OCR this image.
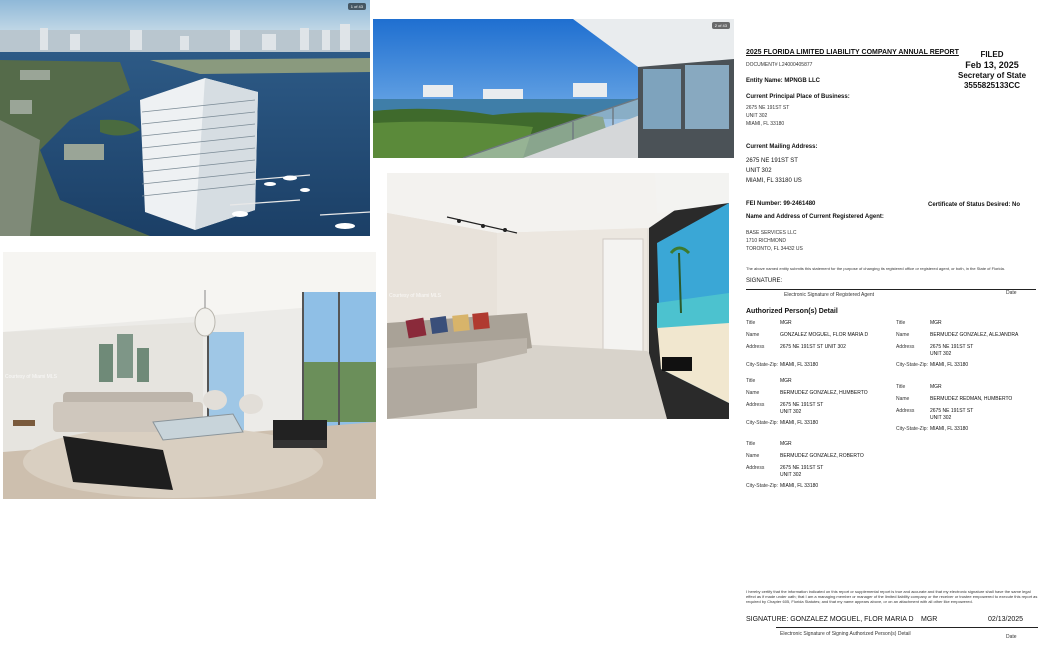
1 of 43
2 of 43
Courtesy of Miami MLS
Courtesy of Miami MLS
2025 FLORIDA LIMITED LIABILITY COMPANY ANNUAL REPORT
DOCUMENT# L24000405877
Entity Name: MPNGB LLC
FILED
Feb 13, 2025
Secretary of State
3555825133CC
Current Principal Place of Business:
2675 NE 191ST ST
UNIT 302
MIAMI, FL 33180
Current Mailing Address:
2675 NE 191ST ST
UNIT 302
MIAMI, FL 33180 US
FEI Number: 99-2461480	Certificate of Status Desired: No
Name and Address of Current Registered Agent:
BASE SERVICES LLC
1710 RICHMOND
TORONTO, FL 34432 US
The above named entity submits this statement for the purpose of changing its registered office or registered agent, or both, in the State of Florida.
SIGNATURE:
Electronic Signature of Registered Agent	Date
Authorized Person(s) Detail
Title	MGR
Name	GONZALEZ MOGUEL, FLOR MARIA D
Address	2675 NE 191ST ST UNIT 302
City-State-Zip: MIAMI, FL 33180
Title	MGR
Name	BERMUDEZ GONZALEZ, ALEJANDRA
Address	2675 NE 191ST ST
UNIT 302
City-State-Zip: MIAMI, FL 33180
Title	MGR
Name	BERMUDEZ GONZALEZ, HUMBERTO
Address	2675 NE 191ST ST
UNIT 302
City-State-Zip: MIAMI, FL 33180
Title	MGR
Name	BERMUDEZ REDMAN, HUMBERTO
Address	2675 NE 191ST ST
UNIT 302
City-State-Zip: MIAMI, FL 33180
Title	MGR
Name	BERMUDEZ GONZALEZ, ROBERTO
Address	2675 NE 191ST ST
UNIT 302
City-State-Zip: MIAMI, FL 33180
I hereby certify that the information indicated on this report or supplemental report is true and accurate and that my electronic signature shall have the same legal effect as if made under oath; that I am a managing member or manager of the limited liability company or the receiver or trustee empowered to execute this report as required by Chapter 605, Florida Statutes; and that my name appears above, or on an attachment with all other like empowered.
SIGNATURE: GONZALEZ MOGUEL, FLOR MARIA D MGR	02/13/2025
Electronic Signature of Signing Authorized Person(s) Detail	Date
